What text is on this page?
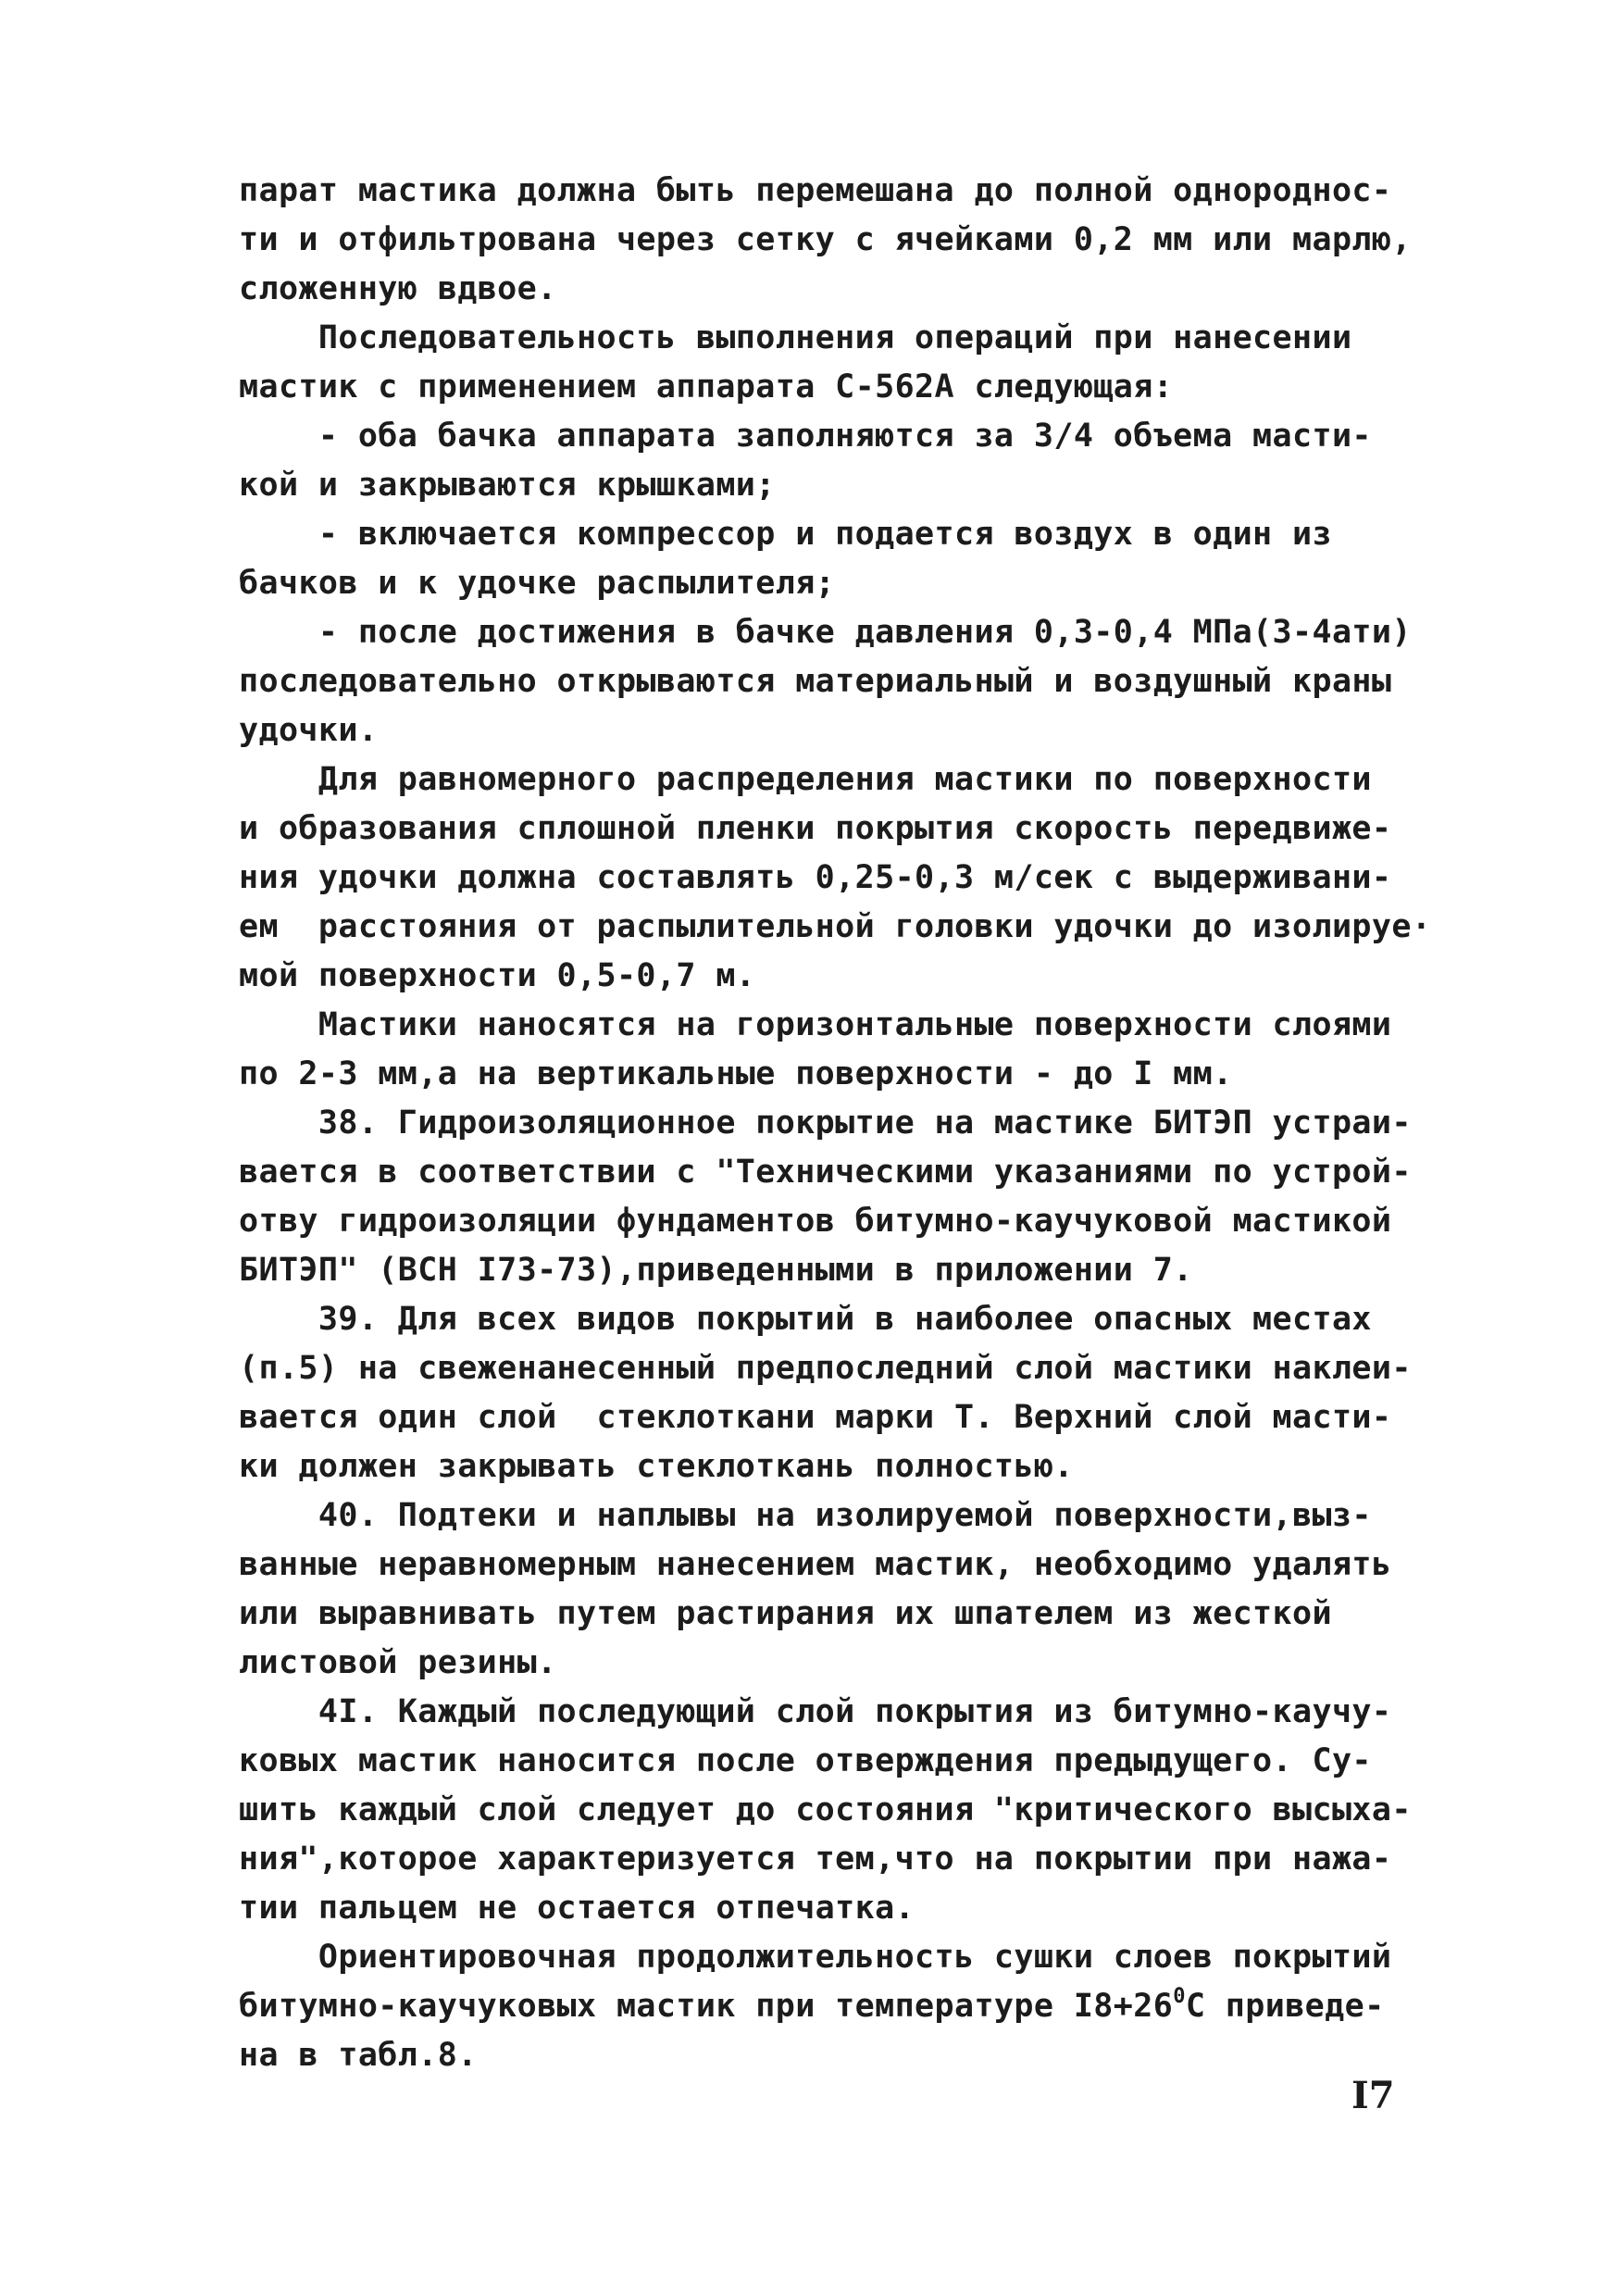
парат мастика должна быть перемешана до полной однороднос-
ти и отфильтрована через сетку с ячейками 0,2 мм или марлю,
сложенную вдвое.
Последовательность выполнения операций при нанесении
мастик с применением аппарата С-562А следующая:
- оба бачка аппарата заполняются за 3/4 объема масти-
кой и закрываются крышками;
- включается компрессор и подается воздух в один из
бачков и к удочке распылителя;
- после достижения в бачке давления 0,3-0,4 МПа(3-4ати)
последовательно открываются материальный и воздушный краны
удочки.
Для равномерного распределения мастики по поверхности
и образования сплошной пленки покрытия скорость передвиже-
ния удочки должна составлять 0,25-0,3 м/сек с выдерживани-
ем  расстояния от распылительной головки удочки до изолируе·
мой поверхности 0,5-0,7 м.
Мастики наносятся на горизонтальные поверхности слоями
по 2-3 мм,а на вертикальные поверхности - до I мм.
38. Гидроизоляционное покрытие на мастике БИТЭП устраи-
вается в соответствии с "Техническими указаниями по устрой-
отву гидроизоляции фундаментов битумно-каучуковой мастикой
БИТЭП" (ВСН I73-73),приведенными в приложении 7.
39. Для всех видов покрытий в наиболее опасных местах
(п.5) на свеженанесенный предпоследний слой мастики наклеи-
вается один слой  стеклоткани марки Т. Верхний слой масти-
ки должен закрывать стеклоткань полностью.
40. Подтеки и наплывы на изолируемой поверхности,выз-
ванные неравномерным нанесением мастик, необходимо удалять
или выравнивать путем растирания их шпателем из жесткой
листовой резины.
4I. Каждый последующий слой покрытия из битумно-каучу-
ковых мастик наносится после отверждения предыдущего. Су-
шить каждый слой следует до состояния "критического высыха-
ния",которое характеризуется тем,что на покрытии при нажа-
тии пальцем не остается отпечатка.
Ориентировочная продолжительность сушки слоев покрытий
битумно-каучуковых мастик при температуре $I8+26^0С$ приведе-
на в табл.8.
I7
